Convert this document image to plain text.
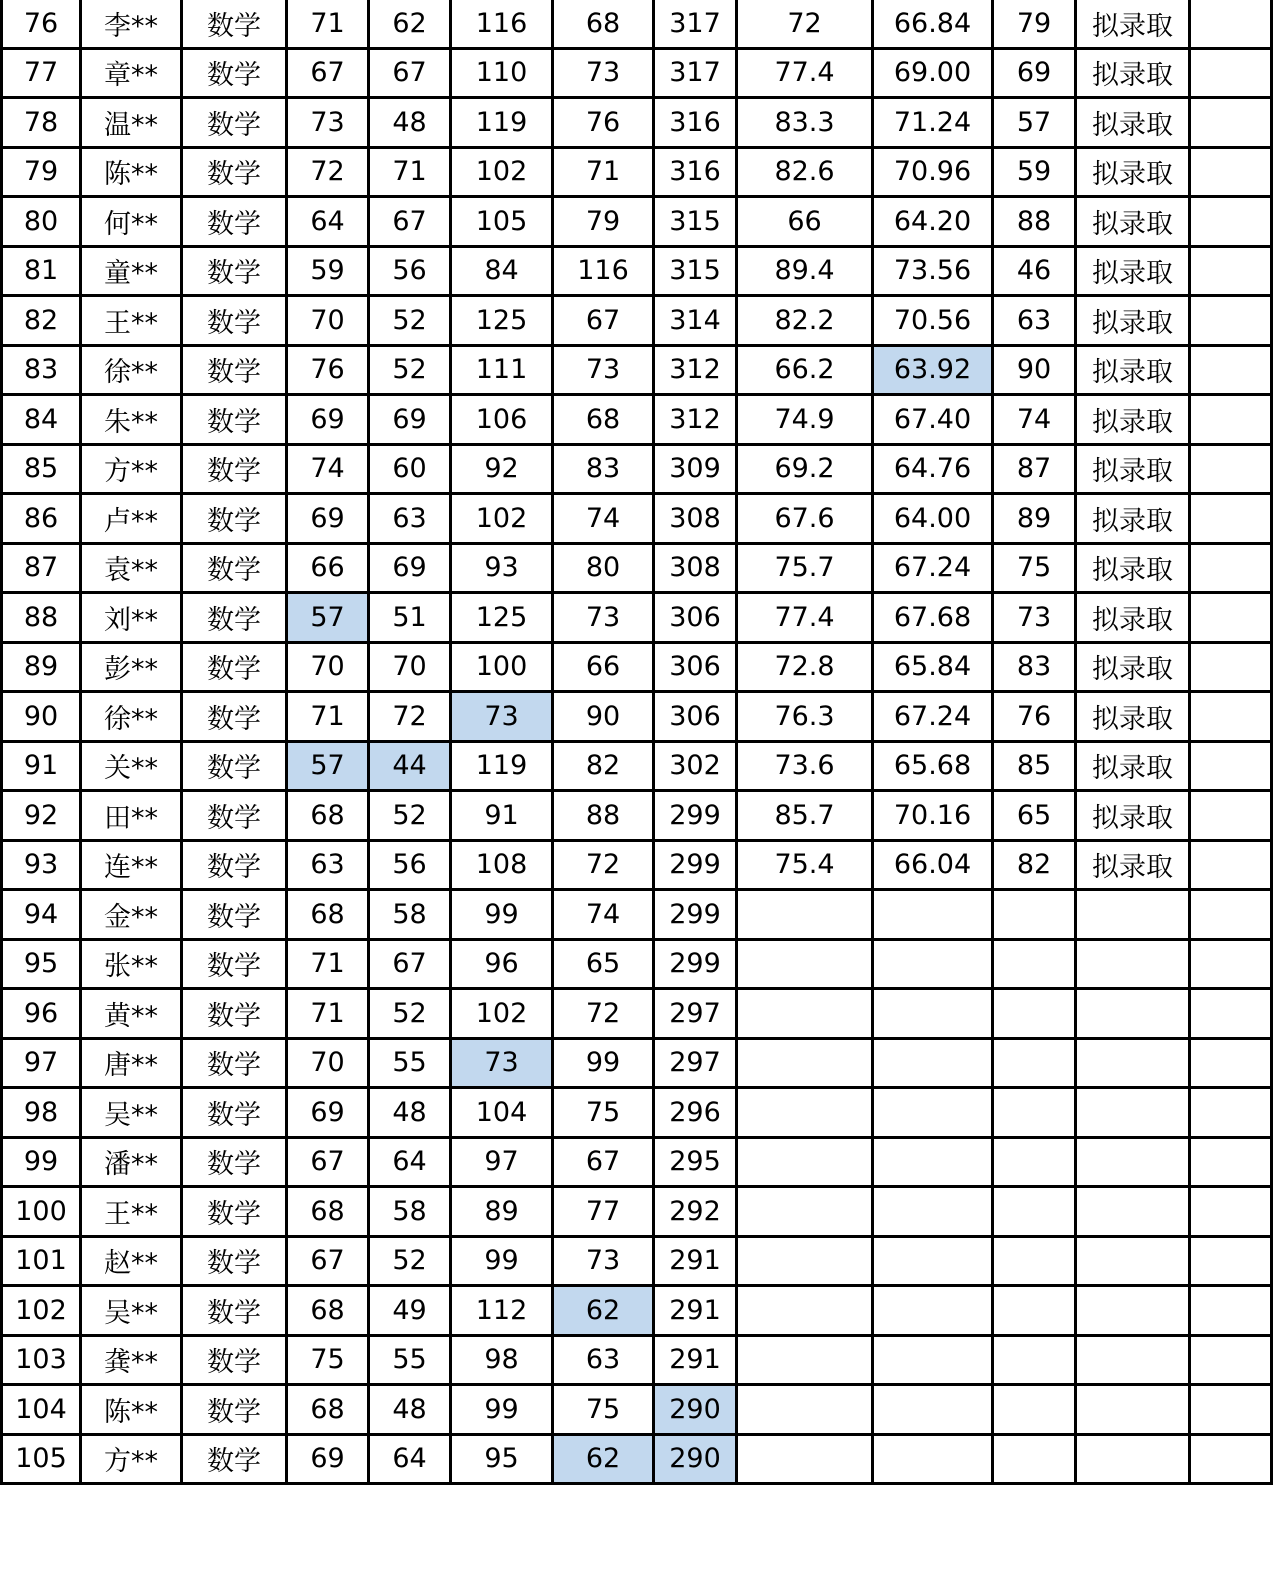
76	李**	数学	71	62	116	68	317	72	66.84	79	拟录取	
77	章**	数学	67	67	110	73	317	77.4	69.00	69	拟录取	
78	温**	数学	73	48	119	76	316	83.3	71.24	57	拟录取	
79	陈**	数学	72	71	102	71	316	82.6	70.96	59	拟录取	
80	何**	数学	64	67	105	79	315	66	64.20	88	拟录取	
81	童**	数学	59	56	84	116	315	89.4	73.56	46	拟录取	
82	王**	数学	70	52	125	67	314	82.2	70.56	63	拟录取	
83	徐**	数学	76	52	111	73	312	66.2	63.92	90	拟录取	
84	朱**	数学	69	69	106	68	312	74.9	67.40	74	拟录取	
85	方**	数学	74	60	92	83	309	69.2	64.76	87	拟录取	
86	卢**	数学	69	63	102	74	308	67.6	64.00	89	拟录取	
87	袁**	数学	66	69	93	80	308	75.7	67.24	75	拟录取	
88	刘**	数学	57	51	125	73	306	77.4	67.68	73	拟录取	
89	彭**	数学	70	70	100	66	306	72.8	65.84	83	拟录取	
90	徐**	数学	71	72	73	90	306	76.3	67.24	76	拟录取	
91	关**	数学	57	44	119	82	302	73.6	65.68	85	拟录取	
92	田**	数学	68	52	91	88	299	85.7	70.16	65	拟录取	
93	连**	数学	63	56	108	72	299	75.4	66.04	82	拟录取	
94	金**	数学	68	58	99	74	299					
95	张**	数学	71	67	96	65	299					
96	黄**	数学	71	52	102	72	297					
97	唐**	数学	70	55	73	99	297					
98	吴**	数学	69	48	104	75	296					
99	潘**	数学	67	64	97	67	295					
100	王**	数学	68	58	89	77	292					
101	赵**	数学	67	52	99	73	291					
102	吴**	数学	68	49	112	62	291					
103	龚**	数学	75	55	98	63	291					
104	陈**	数学	68	48	99	75	290					
105	方**	数学	69	64	95	62	290					
